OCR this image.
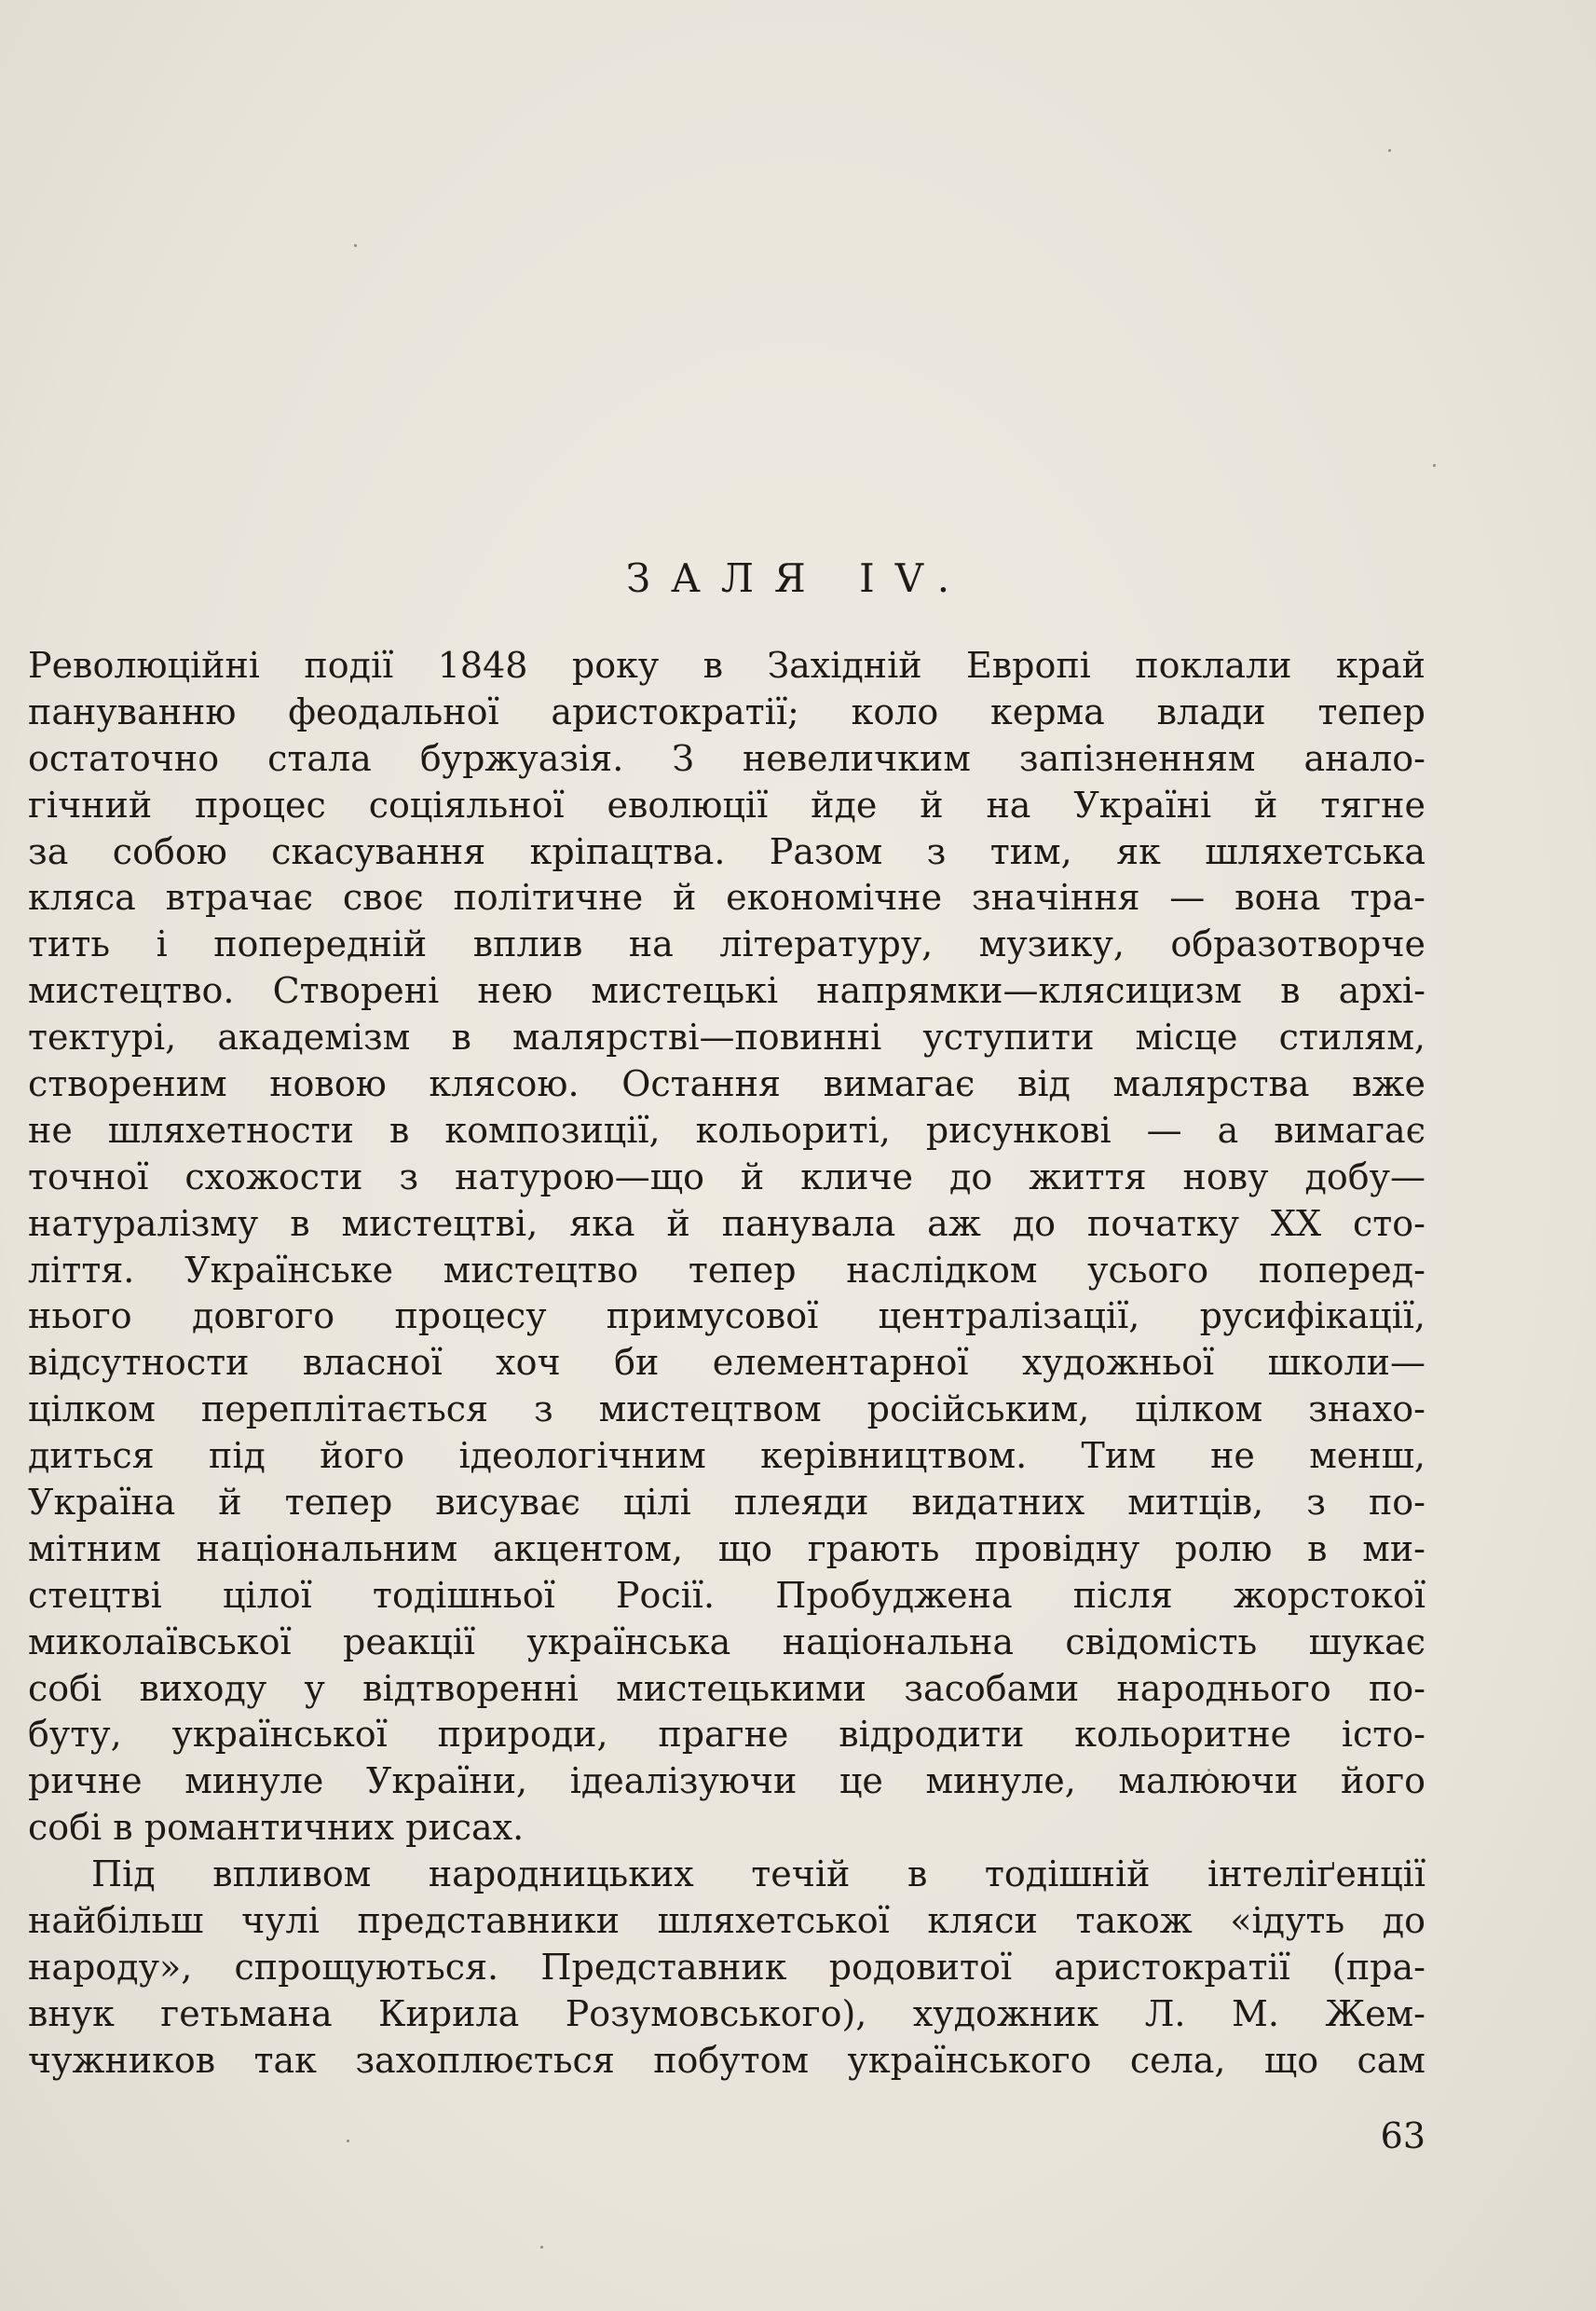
ЗАЛЯ IV.
Революційні події 1848 року в Західній Европі поклали край
пануванню феодальної аристократії; коло керма влади тепер
остаточно стала буржуазія. З невеличким запізненням анало-
гічний процес соціяльної еволюції йде й на Україні й тягне
за собою скасування кріпацтва. Разом з тим, як шляхетська
кляса втрачає своє політичне й економічне значіння — вона тра-
тить і попередній вплив на літературу, музику, образотворче
мистецтво. Створені нею мистецькі напрямки—клясицизм в архі-
тектурі, академізм в малярстві—повинні уступити місце стилям,
створеним новою клясою. Остання вимагає від малярства вже
не шляхетности в композиції, кольориті, рисункові — а вимагає
точної схожости з натурою—що й кличе до життя нову добу—
натуралізму в мистецтві, яка й панувала аж до початку XX сто-
ліття. Українське мистецтво тепер наслідком усього поперед-
нього довгого процесу примусової централізації, русифікації,
відсутности власної хоч би елементарної художньої школи—
цілком переплітається з мистецтвом російським, цілком знахо-
диться під його ідеологічним керівництвом. Тим не менш,
Україна й тепер висуває цілі плеяди видатних митців, з по-
мітним національним акцентом, що грають провідну ролю в ми-
стецтві цілої тодішньої Росії. Пробуджена після жорстокої
миколаївської реакції українська національна свідомість шукає
собі виходу у відтворенні мистецькими засобами народнього по-
буту, української природи, прагне відродити кольоритне істо-
ричне минуле України, ідеалізуючи це минуле, малюючи його
собі в романтичних рисах.
Під впливом народницьких течій в тодішній інтеліґенції
найбільш чулі представники шляхетської кляси також «ідуть до
народу», спрощуються. Представник родовитої аристократії (пра-
внук гетьмана Кирила Розумовського), художник Л. М. Жем-
чужников так захоплюється побутом українського села, що сам
63
